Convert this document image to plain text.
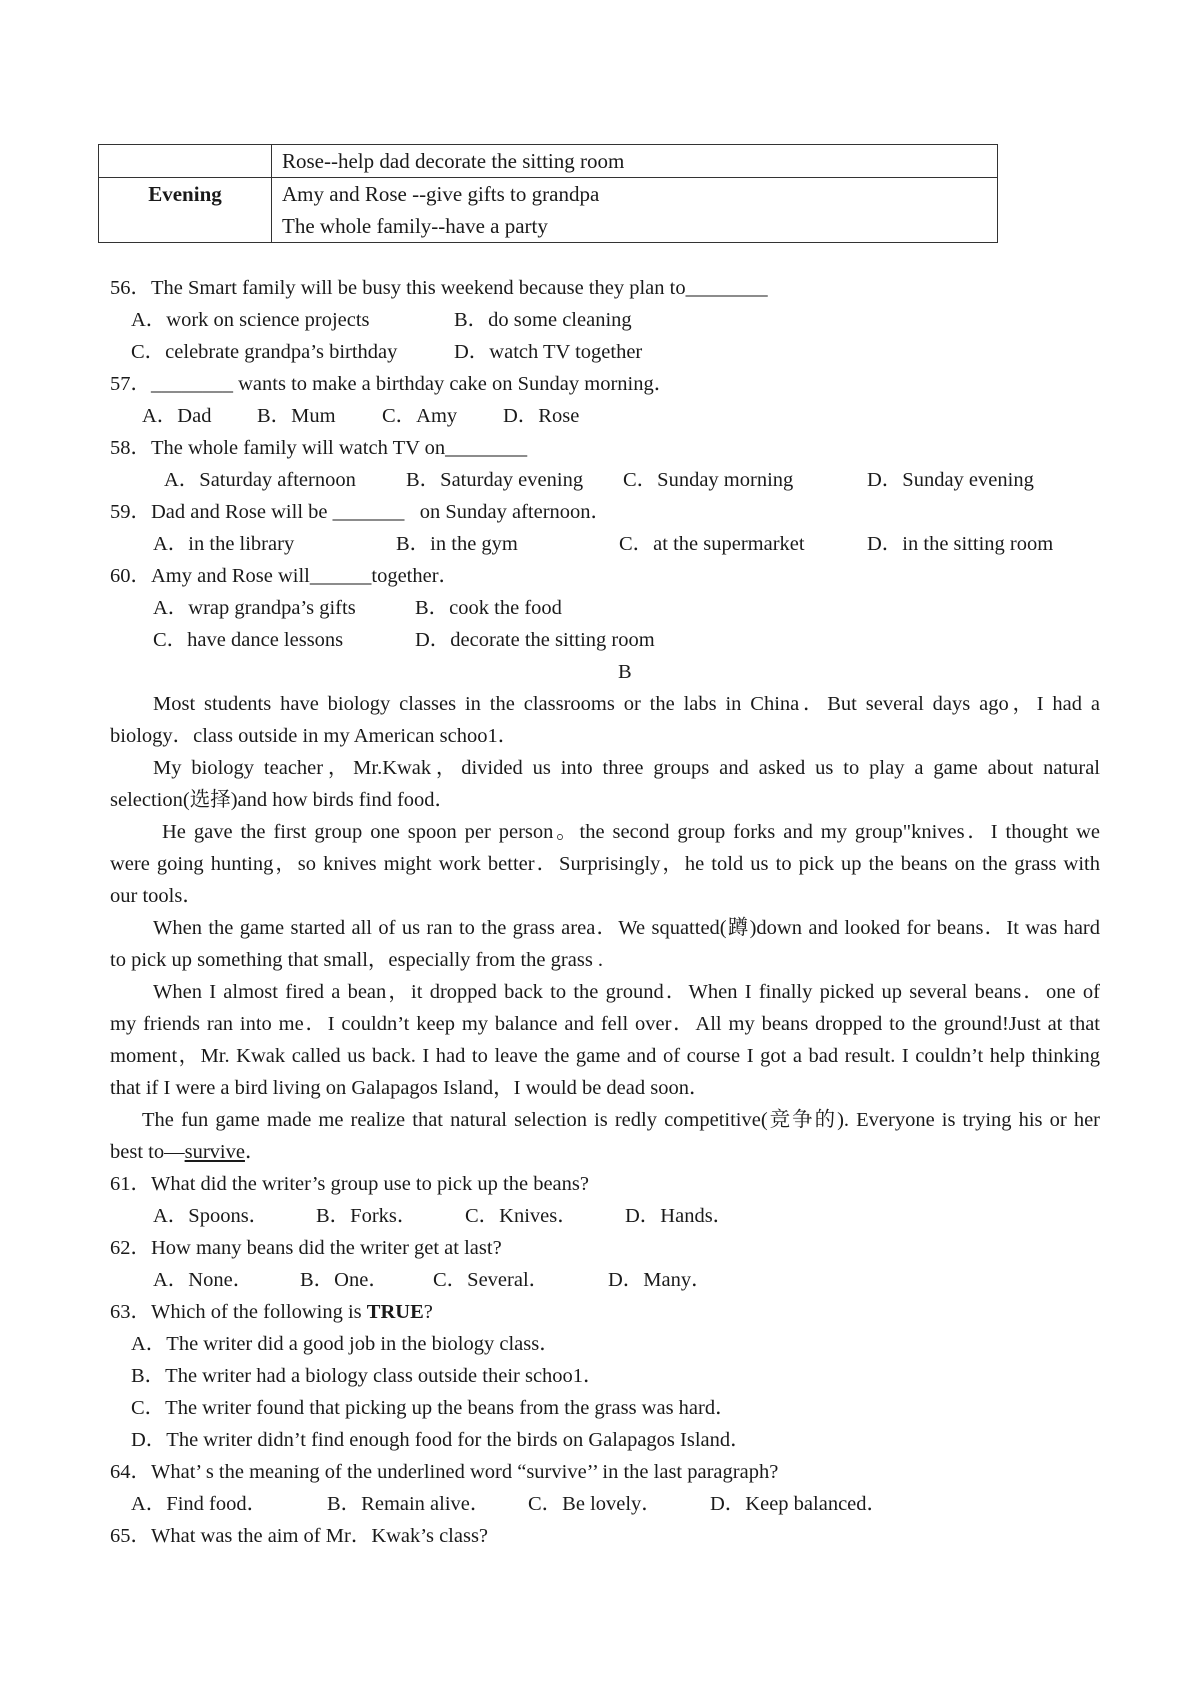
	Rose--help dad decorate the sitting room

Evening	Amy and Rose --give gifts to grandpa
The whole family--have a party
56．The Smart family will be busy this weekend because they plan to________
A．work on science projects	B．do some cleaning
C．celebrate grandpa’s birthday	D．watch TV together
57．________ wants to make a birthday cake on Sunday morning．
A．Dad B．Mum C．Amy D．Rose
58．The whole family will watch TV on________
A．Saturday afternoon B．Saturday evening C．Sunday morning	D．Sunday evening
59．Dad and Rose will be _______   on Sunday afternoon．
A．in the library	B．in the gym	C．at the supermarket	D．in the sitting room
60．Amy and Rose will______together．
A．wrap grandpa’s gifts	B．cook the food
C．have dance lessons	D．decorate the sitting room
B
Most students have biology classes in the classrooms or the labs in China．But several days ago，I had a
biology．class outside in my American schoo1．
My biology teacher，Mr.Kwak，divided us into three groups and asked us to play a game about natural
selection(选择)and how birds find food．
He gave the first group one spoon per person。the second group forks and my group"knives．I thought we
were going hunting，so knives might work better．Surprisingly，he told us to pick up the beans on the grass with
our tools．
When the game started all of us ran to the grass area．We squatted(蹲)down and looked for beans．It was hard
to pick up something that small，especially from the grass .
When I almost fired a bean，it dropped back to the ground．When I finally picked up several beans．one of
my friends ran into me．I couldn’t keep my balance and fell over．All my beans dropped to the ground!Just at that
moment，Mr. Kwak called us back. I had to leave the game and of course I got a bad result. I couldn’t help thinking
that if I were a bird living on Galapagos Island，I would be dead soon．
The fun game made me realize that natural selection is redly competitive(竞争的). Everyone is trying his or her
best to—survive．
61．What did the writer’s group use to pick up the beans?
A．Spoons． B．Forks． C．Knives． D．Hands．
62．How many beans did the writer get at last?
A．None． B．One． C．Several．	D．Many．
63．Which of the following is TRUE?
A．The writer did a good job in the biology class．
B．The writer had a biology class outside their schoo1．
C．The writer found that picking up the beans from the grass was hard．
D．The writer didn’t find enough food for the birds on Galapagos Island．
64．What’ s the meaning of the underlined word “survive’’ in the last paragraph?
A．Find food．	B．Remain alive． C．Be lovely． D．Keep balanced．
65．What was the aim of Mr．Kwak’s class?
